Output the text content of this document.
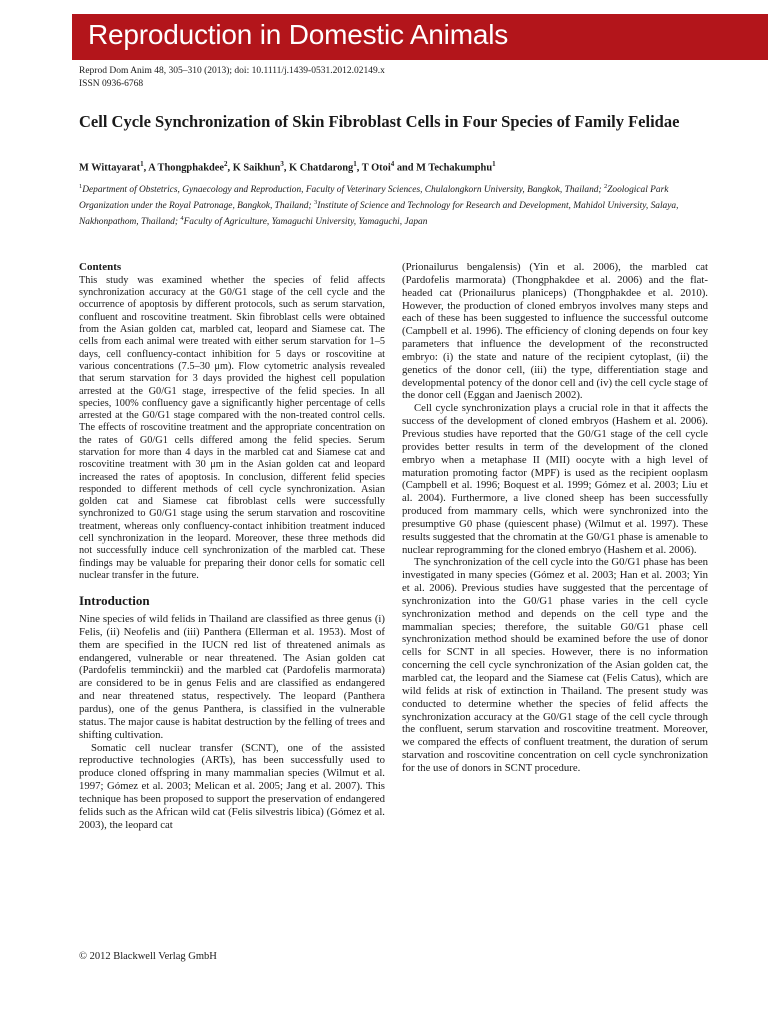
Reproduction in Domestic Animals
Reprod Dom Anim 48, 305–310 (2013); doi: 10.1111/j.1439-0531.2012.02149.x
ISSN 0936-6768
Cell Cycle Synchronization of Skin Fibroblast Cells in Four Species of Family Felidae
M Wittayarat$^1$, A Thongphakdee$^2$, K Saikhun$^3$, K Chatdarong$^1$, T Otoi$^4$ and M Techakumphu$^1$
$^1$Department of Obstetrics, Gynaecology and Reproduction, Faculty of Veterinary Sciences, Chulalongkorn University, Bangkok, Thailand; $^2$Zoological Park Organization under the Royal Patronage, Bangkok, Thailand; $^3$Institute of Science and Technology for Research and Development, Mahidol University, Salaya, Nakhonpathom, Thailand; $^4$Faculty of Agriculture, Yamaguchi University, Yamaguchi, Japan
Contents

This study was examined whether the species of felid affects synchronization accuracy at the G0/G1 stage of the cell cycle and the occurrence of apoptosis by different protocols, such as serum starvation, confluent and roscovitine treatment. Skin fibroblast cells were obtained from the Asian golden cat, marbled cat, leopard and Siamese cat. The cells from each animal were treated with either serum starvation for 1–5 days, cell confluency-contact inhibition for 5 days or roscovitine at various concentrations (7.5–30 μm). Flow cytometric analysis revealed that serum starvation for 3 days provided the highest cell population arrested at the G0/G1 stage, irrespective of the felid species. In all species, 100% confluency gave a significantly higher percentage of cells arrested at the G0/G1 stage compared with the non-treated control cells. The effects of roscovitine treatment and the appropriate concentration on the rates of G0/G1 cells differed among the felid species. Serum starvation for more than 4 days in the marbled cat and Siamese cat and roscovitine treatment with 30 μm in the Asian golden cat and leopard increased the rates of apoptosis. In conclusion, different felid species responded to different methods of cell cycle synchronization. Asian golden cat and Siamese cat fibroblast cells were successfully synchronized to G0/G1 stage using the serum starvation and roscovitine treatment, whereas only confluency-contact inhibition treatment induced cell synchronization in the leopard. Moreover, these three methods did not successfully induce cell synchronization of the marbled cat. These findings may be valuable for preparing their donor cells for somatic cell nuclear transfer in the future.

Introduction

Nine species of wild felids in Thailand are classified as three genus (i) Felis, (ii) Neofelis and (iii) Panthera (Ellerman et al. 1953). Most of them are specified in the IUCN red list of threatened animals as endangered, vulnerable or near threatened. The Asian golden cat (Pardofelis temminckii) and the marbled cat (Pardofelis marmorata) are considered to be in genus Felis and are classified as endangered and near threatened status, respectively. The leopard (Panthera pardus), one of the genus Panthera, is classified in the vulnerable status. The major cause is habitat destruction by the felling of trees and shifting cultivation.

Somatic cell nuclear transfer (SCNT), one of the assisted reproductive technologies (ARTs), has been successfully used to produce cloned offspring in many mammalian species (Wilmut et al. 1997; Gómez et al. 2003; Melican et al. 2005; Jang et al. 2007). This technique has been proposed to support the preservation of endangered felids such as the African wild cat (Felis silvestris libica) (Gómez et al. 2003), the leopard cat

(Prionailurus bengalensis) (Yin et al. 2006), the marbled cat (Pardofelis marmorata) (Thongphakdee et al. 2006) and the flat-headed cat (Prionailurus planiceps) (Thongphakdee et al. 2010). However, the production of cloned embryos involves many steps and each of these has been suggested to influence the successful outcome (Campbell et al. 1996). The efficiency of cloning depends on four key parameters that influence the development of the reconstructed embryo: (i) the state and nature of the recipient cytoplast, (ii) the genetics of the donor cell, (iii) the type, differentiation stage and developmental potency of the donor cell and (iv) the cell cycle stage of the donor cell (Eggan and Jaenisch 2002).

Cell cycle synchronization plays a crucial role in that it affects the success of the development of cloned embryos (Hashem et al. 2006). Previous studies have reported that the G0/G1 stage of the cell cycle provides better results in term of the development of the cloned embryo when a metaphase II (MII) oocyte with a high level of maturation promoting factor (MPF) is used as the recipient ooplasm (Campbell et al. 1996; Boquest et al. 1999; Gómez et al. 2003; Liu et al. 2004). Furthermore, a live cloned sheep has been successfully produced from mammary cells, which were synchronized into the presumptive G0 phase (quiescent phase) (Wilmut et al. 1997). These results suggested that the chromatin at the G0/G1 phase is amenable to nuclear reprogramming for the cloned embryo (Hashem et al. 2006).

The synchronization of the cell cycle into the G0/G1 phase has been investigated in many species (Gómez et al. 2003; Han et al. 2003; Yin et al. 2006). Previous studies have suggested that the percentage of synchronization into the G0/G1 phase varies in the cell cycle synchronization method and depends on the cell type and the mammalian species; therefore, the suitable G0/G1 phase cell synchronization method should be examined before the use of donor cells for SCNT in all species. However, there is no information concerning the cell cycle synchronization of the Asian golden cat, the marbled cat, the leopard and the Siamese cat (Felis Catus), which are wild felids at risk of extinction in Thailand. The present study was conducted to determine whether the species of felid affects the synchronization accuracy at the G0/G1 stage of the cell cycle through the confluent, serum starvation and roscovitine treatment. Moreover, we compared the effects of confluent treatment, the duration of serum starvation and roscovitine concentration on cell cycle synchronization for the use of donors in SCNT procedure.

© 2012 Blackwell Verlag GmbH
